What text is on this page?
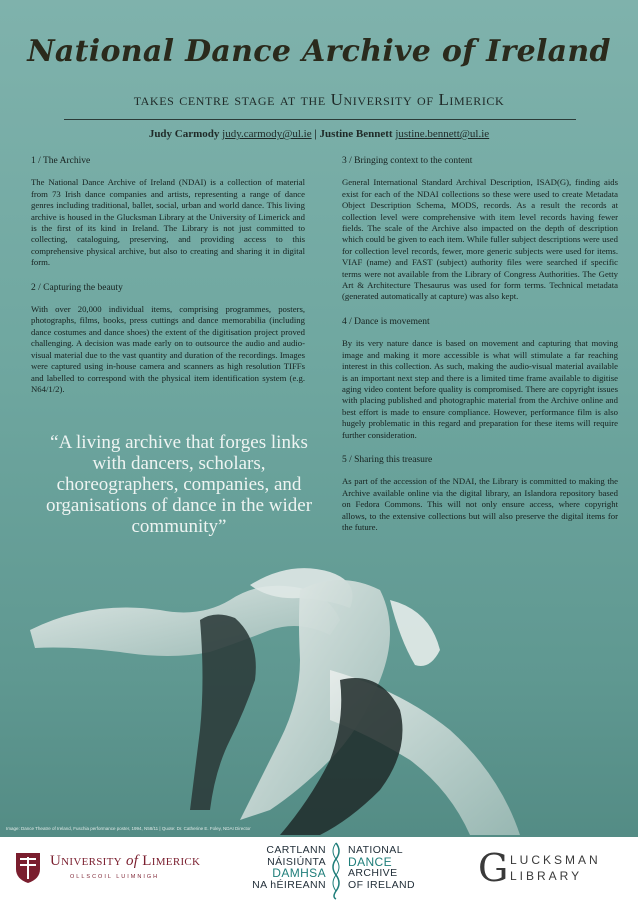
National Dance Archive of Ireland
takes centre stage at the University of Limerick
Judy Carmody judy.carmody@ul.ie | Justine Bennett justine.bennett@ul.ie
1 / The Archive

The National Dance Archive of Ireland (NDAI) is a collection of material from 73 Irish dance companies and artists, representing a range of dance genres including traditional, ballet, social, urban and world dance. This living archive is housed in the Glucksman Library at the University of Limerick and is the first of its kind in Ireland. The Library is not just committed to collecting, cataloguing, preserving, and providing access to this comprehensive physical archive, but also to creating and sharing it in digital form.

2 / Capturing the beauty

With over 20,000 individual items, comprising programmes, posters, photographs, films, books, press cuttings and dance memorabilia (including dance costumes and dance shoes) the extent of the digitisation project proved challenging. A decision was made early on to outsource the audio and audio-visual material due to the vast quantity and duration of the recordings. Images were captured using in-house camera and scanners as high resolution TIFFs and labelled to correspond with the physical item identification system (e.g. N64/1/2).

3 / Bringing context to the content

General International Standard Archival Description, ISAD(G), finding aids exist for each of the NDAI collections so these were used to create Metadata Object Description Schema, MODS, records. As a result the records at collection level were comprehensive with item level records having fewer fields. The scale of the Archive also impacted on the depth of description which could be given to each item. While fuller subject descriptions were used for collection level records, fewer, more generic subjects were used for items. VIAF (name) and FAST (subject) authority files were searched if specific terms were not available from the Library of Congress Authorities. The Getty Art & Architecture Thesaurus was used for form terms. Technical metadata (generated automatically at capture) was also kept.

4 / Dance is movement

By its very nature dance is based on movement and capturing that moving image and making it more accessible is what will stimulate a far reaching interest in this collection. As such, making the audio-visual material available is an important next step and there is a limited time frame available to digitise aging video content before quality is compromised. There are copyright issues with placing published and photographic material from the Archive online and best effort is made to ensure compliance. However, performance film is also hugely problematic in this regard and preparation for these items will require further consideration.

5 / Sharing this treasure

As part of the accession of the NDAI, the Library is committed to making the Archive available online via the digital library, an Islandora repository based on Fedora Commons. This will not only ensure access, where copyright allows, to the extensive collections but will also preserve the digital items for the future.

“A living archive that forges links with dancers, scholars, choreographers, companies, and organisations of dance in the wider community”
Image: Dance Theatre of Ireland, Fuschia performance poster, 1994, N58/11 | Quote: Dr. Catherine E. Foley, NDAI Director
University of Limerick
OLLSCOIL LUIMNIGH
CARTLANN
NÁISIÚNTA
DAMHSA
NA hÉIREANN
NATIONAL
DANCE
ARCHIVE
OF IRELAND	G LUCKSMAN
LIBRARY
